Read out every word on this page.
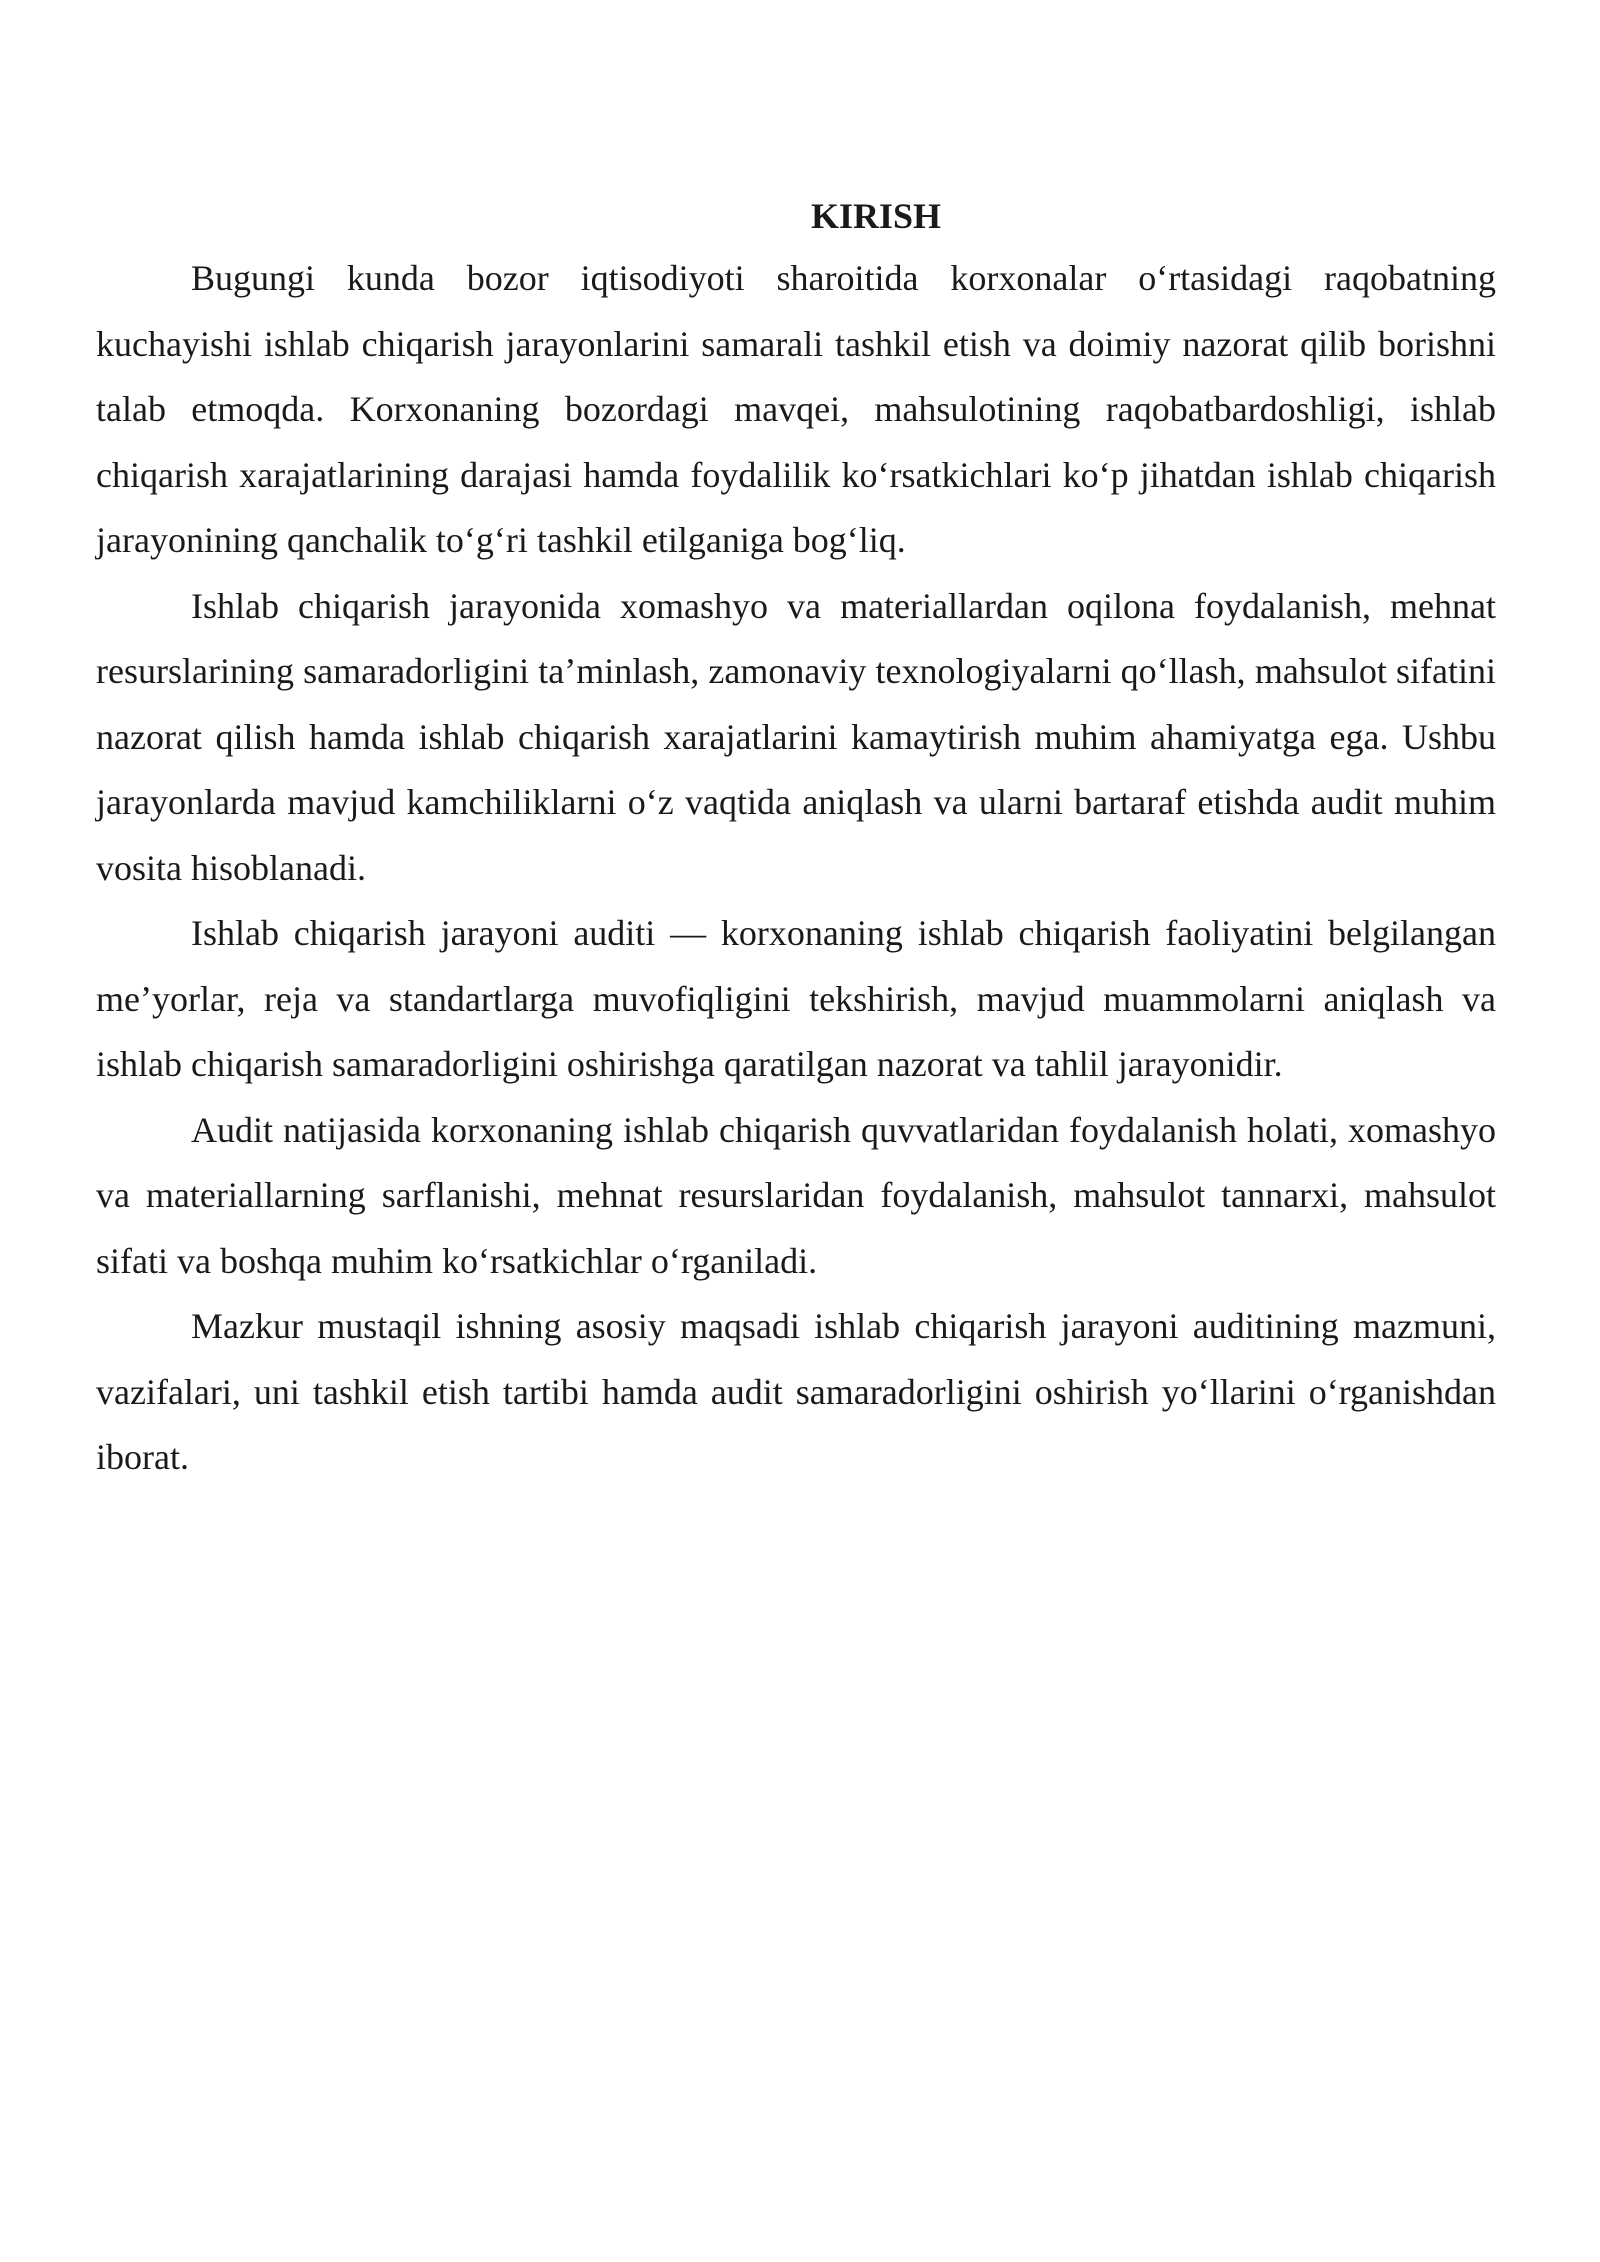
KIRISH

Bugungi kunda bozor iqtisodiyoti sharoitida korxonalar oʻrtasidagi raqobatning kuchayishi ishlab chiqarish jarayonlarini samarali tashkil etish va doimiy nazorat qilib borishni talab etmoqda. Korxonaning bozordagi mavqei, mahsulotining raqobatbardoshligi, ishlab chiqarish xarajatlarining darajasi hamda foydalilik koʻrsatkichlari koʻp jihatdan ishlab chiqarish jarayonining qanchalik toʻgʻri tashkil etilganiga bogʻliq.

Ishlab chiqarish jarayonida xomashyo va materiallardan oqilona foydalanish, mehnat resurslarining samaradorligini taʼminlash, zamonaviy texnologiyalarni qoʻllash, mahsulot sifatini nazorat qilish hamda ishlab chiqarish xarajatlarini kamaytirish muhim ahamiyatga ega. Ushbu jarayonlarda mavjud kamchiliklarni oʻz vaqtida aniqlash va ularni bartaraf etishda audit muhim vosita hisoblanadi.

Ishlab chiqarish jarayoni auditi — korxonaning ishlab chiqarish faoliyatini belgilangan meʼyorlar, reja va standartlarga muvofiqligini tekshirish, mavjud muammolarni aniqlash va ishlab chiqarish samaradorligini oshirishga qaratilgan nazorat va tahlil jarayonidir.

Audit natijasida korxonaning ishlab chiqarish quvvatlaridan foydalanish holati, xomashyo va materiallarning sarflanishi, mehnat resurslaridan foydalanish, mahsulot tannarxi, mahsulot sifati va boshqa muhim koʻrsatkichlar oʻrganiladi.

Mazkur mustaqil ishning asosiy maqsadi ishlab chiqarish jarayoni auditining mazmuni, vazifalari, uni tashkil etish tartibi hamda audit samaradorligini oshirish yoʻllarini oʻrganishdan iborat.
